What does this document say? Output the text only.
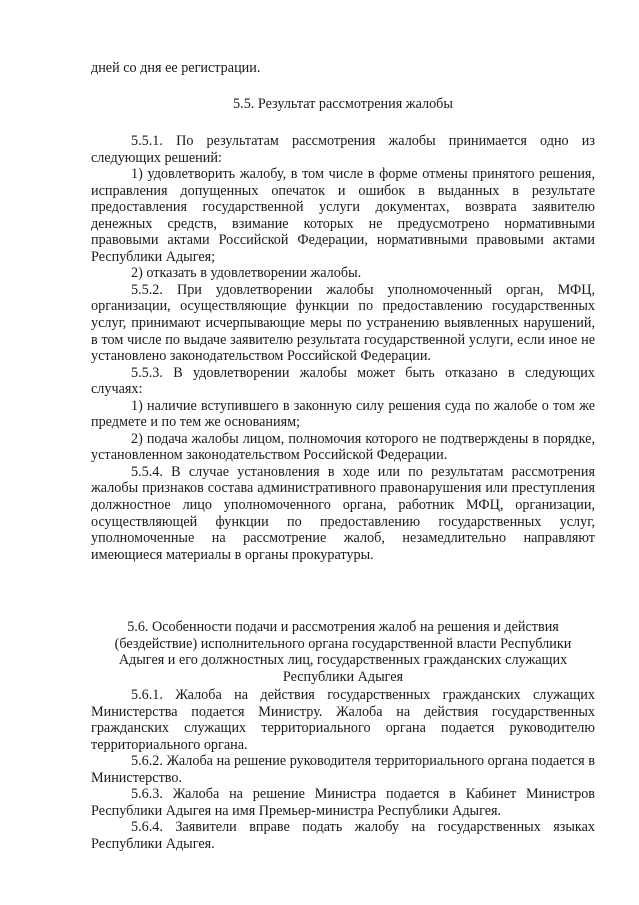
дней со дня ее регистрации.

5.5. Результат рассмотрения жалобы

5.5.1. По результатам рассмотрения жалобы принимается одно из следующих решений:

1) удовлетворить жалобу, в том числе в форме отмены принятого решения, исправления допущенных опечаток и ошибок в выданных в результате предоставления государственной услуги документах, возврата заявителю денежных средств, взимание которых не предусмотрено нормативными правовыми актами Российской Федерации, нормативными правовыми актами Республики Адыгея;

2) отказать в удовлетворении жалобы.

5.5.2. При удовлетворении жалобы уполномоченный орган, МФЦ, организации, осуществляющие функции по предоставлению государственных услуг, принимают исчерпывающие меры по устранению выявленных нарушений, в том числе по выдаче заявителю результата государственной услуги, если иное не установлено законодательством Российской Федерации.

5.5.3. В удовлетворении жалобы может быть отказано в следующих случаях:

1) наличие вступившего в законную силу решения суда по жалобе о том же предмете и по тем же основаниям;

2) подача жалобы лицом, полномочия которого не подтверждены в порядке, установленном законодательством Российской Федерации.

5.5.4. В случае установления в ходе или по результатам рассмотрения жалобы признаков состава административного правонарушения или преступления должностное лицо уполномоченного органа, работник МФЦ, организации, осуществляющей функции по предоставлению государственных услуг, уполномоченные на рассмотрение жалоб, незамедлительно направляют имеющиеся материалы в органы прокуратуры.

5.6. Особенности подачи и рассмотрения жалоб на решения и действия
(бездействие) исполнительного органа государственной власти Республики
Адыгея и его должностных лиц, государственных гражданских служащих
Республики Адыгея

5.6.1. Жалоба на действия государственных гражданских служащих Министерства подается Министру. Жалоба на действия государственных гражданских служащих территориального органа подается руководителю территориального органа.

5.6.2. Жалоба на решение руководителя территориального органа подается в Министерство.

5.6.3. Жалоба на решение Министра подается в Кабинет Министров Республики Адыгея на имя Премьер-министра Республики Адыгея.

5.6.4. Заявители вправе подать жалобу на государственных языках Республики Адыгея.
